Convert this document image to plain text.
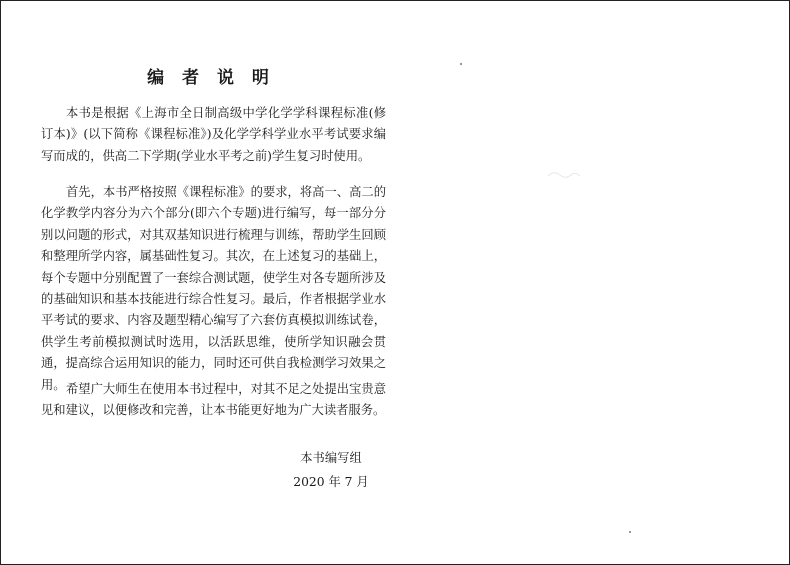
编 者 说 明

本书是根据《上海市全日制高级中学化学学科课程标准(修订本)》(以下简称《课程标准》)及化学学科学业水平考试要求编写而成的，供高二下学期(学业水平考之前)学生复习时使用。

首先，本书严格按照《课程标准》的要求，将高一、高二的化学教学内容分为六个部分(即六个专题)进行编写，每一部分分别以问题的形式，对其双基知识进行梳理与训练，帮助学生回顾和整理所学内容，属基础性复习。其次，在上述复习的基础上，每个专题中分别配置了一套综合测试题，使学生对各专题所涉及的基础知识和基本技能进行综合性复习。最后，作者根据学业水平考试的要求、内容及题型精心编写了六套仿真模拟训练试卷，供学生考前模拟测试时选用，以活跃思维，使所学知识融会贯通，提高综合运用知识的能力，同时还可供自我检测学习效果之用。 希望广大师生在使用本书过程中，对其不足之处提出宝贵意见和建议，以便修改和完善，让本书能更好地为广大读者服务。

本书编写组
2020 年 7 月
